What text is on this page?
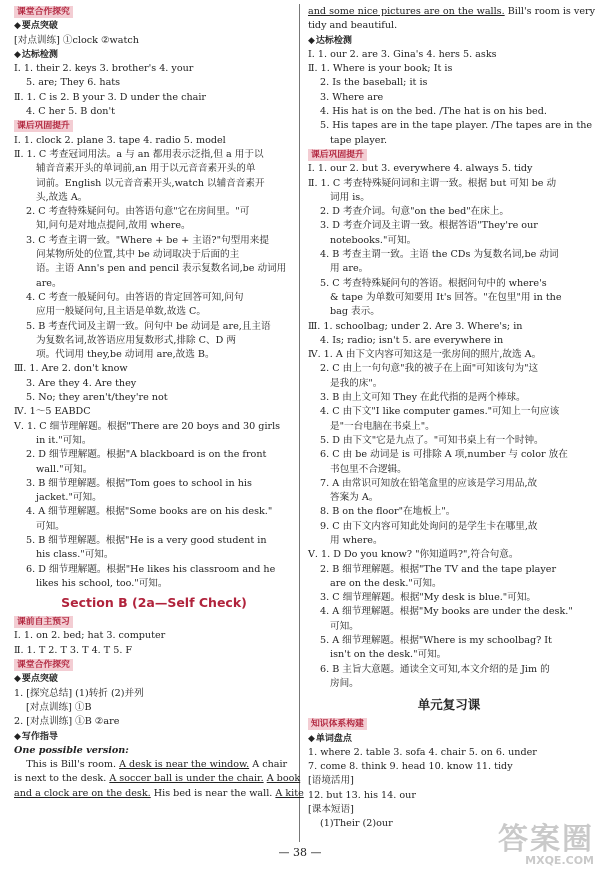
课堂合作探究
◆ 要点突破
[对点训练] ①clock ②watch
◆ 达标检测
Ⅰ. 1. their 2. keys 3. brother's 4. your
5. are; They 6. hats
Ⅱ. 1. C is 2. B your 3. D under the chair
4. C her 5. B don't
课后巩固提升
Ⅰ. 1. clock 2. plane 3. tape 4. radio 5. model
Ⅱ. 1. C 考查冠词用法。a 与 an 都用表示泛指,但 a 用于以
辅音音素开头的单词前,an 用于以元音音素开头的单
词前。English 以元音音素开头,watch 以辅音音素开
头,故选 A。
2. C 考查特殊疑问句。由答语句意"它在房间里。"可
知,问句是对地点提问,故用 where。
3. C 考查主谓一致。"Where + be + 主语?"句型用来提
问某物所处的位置,其中 be 动词取决于后面的主
语。主语 Ann's pen and pencil 表示复数名词,be 动词用
are。
4. C 考查一般疑问句。由答语的肯定回答可知,问句
应用一般疑问句,且主语是单数,故选 C。
5. B 考查代词及主谓一致。问句中 be 动词是 are,且主语
为复数名词,故答语应用复数形式,排除 C、D 两
项。代词用 they,be 动词用 are,故选 B。
Ⅲ. 1. Are 2. don't know
3. Are they 4. Are they
5. No; they aren't/they're not
Ⅳ. 1～5 EABDC
Ⅴ. 1. C 细节理解题。根据"There are 20 boys and 30 girls
in it."可知。
2. D 细节理解题。根据"A blackboard is on the front
wall."可知。
3. B 细节理解题。根据"Tom goes to school in his
jacket."可知。
4. A 细节理解题。根据"Some books are on his desk."
可知。
5. B 细节理解题。根据"He is a very good student in
his class."可知。
6. D 细节理解题。根据"He likes his classroom and he
likes his school, too."可知。
Section B (2a—Self Check)
课前自主预习
Ⅰ. 1. on 2. bed; hat 3. computer
Ⅱ. 1. T 2. T 3. T 4. T 5. F
课堂合作探究
◆ 要点突破
1. [探究总结] (1)转折 (2)并列
[对点训练] ①B
2. [对点训练] ①B ②are
◆ 写作指导
One possible version:
This is Bill's room. A desk is near the window. A chair
is next to the desk. A soccer ball is under the chair. A book
and a clock are on the desk. His bed is near the wall. A kite
and some nice pictures are on the walls. Bill's room is very
tidy and beautiful.
◆ 达标检测
Ⅰ. 1. our 2. are 3. Gina's 4. hers 5. asks
Ⅱ. 1. Where is your book; It is
2. Is the baseball; it is
3. Where are
4. His hat is on the bed. /The hat is on his bed.
5. His tapes are in the tape player. /The tapes are in the
tape player.
课后巩固提升
Ⅰ. 1. our 2. but 3. everywhere 4. always 5. tidy
Ⅱ. 1. C 考查特殊疑问词和主谓一致。根据 but 可知 be 动
词用 is。
2. D 考查介词。句意"on the bed"在床上。
3. D 考查介词及主谓一致。根据答语"They're our
notebooks."可知。
4. B 考查主谓一致。主语 the CDs 为复数名词,be 动词
用 are。
5. C 考查特殊疑问句的答语。根据问句中的 where's
& tape 为单数可知要用 It's 回答。"在包里"用 in the
bag 表示。
Ⅲ. 1. schoolbag; under 2. Are 3. Where's; in
4. Is; radio; isn't 5. are everywhere in
Ⅳ. 1. A 由下文内容可知这是一张房间的照片,故选 A。
2. C 由上一句句意"我的被子在上面"可知该句为"这
是我的床"。
3. B 由上文可知 They 在此代指的是两个棒球。
4. C 由下文"I like computer games."可知上一句应该
是"一台电脑在书桌上"。
5. D 由下文"它是九点了。"可知书桌上有一个时钟。
6. C 由 be 动词是 is 可排除 A 项,number 与 color 放在
书包里不合逻辑。
7. A 由常识可知放在铅笔盒里的应该是学习用品,故
答案为 A。
8. B on the floor"在地板上"。
9. C 由下文内容可知此处询问的是学生卡在哪里,故
用 where。
Ⅴ. 1. D Do you know? "你知道吗?",符合句意。
2. B 细节理解题。根据"The TV and the tape player
are on the desk."可知。
3. C 细节理解题。根据"My desk is blue."可知。
4. A 细节理解题。根据"My books are under the desk."
可知。
5. A 细节理解题。根据"Where is my schoolbag? It
isn't on the desk."可知。
6. B 主旨大意题。通读全文可知,本文介绍的是 Jim 的
房间。
单元复习课
知识体系构建
◆ 单词盘点
1. where 2. table 3. sofa 4. chair 5. on 6. under
7. come 8. think 9. head 10. know 11. tidy
[语境活用]
12. but 13. his 14. our
[课本短语]
(1)Their (2)our
— 38 —	答案圈
MXQE.COM
